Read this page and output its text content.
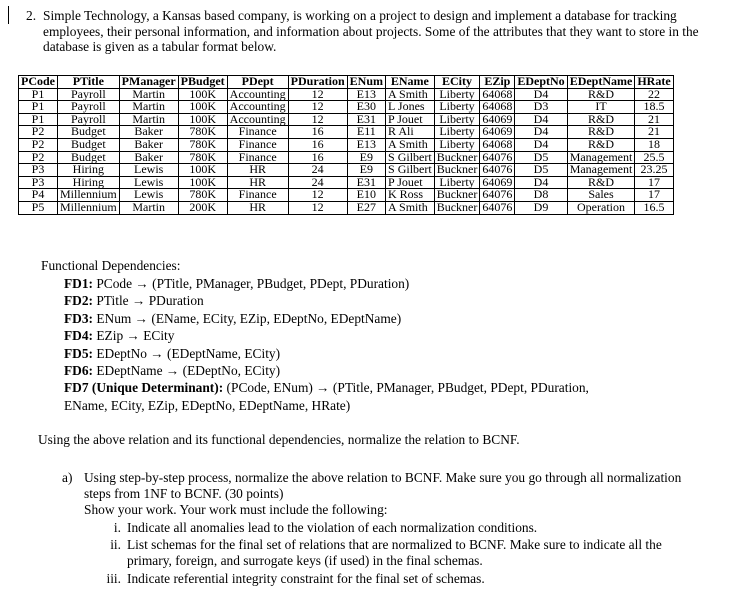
2. Simple Technology, a Kansas based company, is working on a project to design and implement a database for tracking employees, their personal information, and information about projects. Some of the attributes that they want to store in the database is given as a tabular format below.
PCode	PTitle	PManager	PBudget	PDept	PDuration	ENum	EName	ECity	EZip	EDeptNo	EDeptName	HRate
P1	Payroll	Martin	100K	Accounting	12	E13	A Smith	Liberty	64068	D4	R&D	22
P1	Payroll	Martin	100K	Accounting	12	E30	L Jones	Liberty	64068	D3	IT	18.5
P1	Payroll	Martin	100K	Accounting	12	E31	P Jouet	Liberty	64069	D4	R&D	21
P2	Budget	Baker	780K	Finance	16	E11	R Ali	Liberty	64069	D4	R&D	21
P2	Budget	Baker	780K	Finance	16	E13	A Smith	Liberty	64068	D4	R&D	18
P2	Budget	Baker	780K	Finance	16	E9	S Gilbert	Buckner	64076	D5	Management	25.5
P3	Hiring	Lewis	100K	HR	24	E9	S Gilbert	Buckner	64076	D5	Management	23.25
P3	Hiring	Lewis	100K	HR	24	E31	P Jouet	Liberty	64069	D4	R&D	17
P4	Millennium	Lewis	780K	Finance	12	E10	K Ross	Buckner	64076	D8	Sales	17
P5	Millennium	Martin	200K	HR	12	E27	A Smith	Buckner	64076	D9	Operation	16.5
Functional Dependencies:
FD1: PCode → (PTitle, PManager, PBudget, PDept, PDuration)
FD2: PTitle → PDuration
FD3: ENum → (EName, ECity, EZip, EDeptNo, EDeptName)
FD4: EZip → ECity
FD5: EDeptNo → (EDeptName, ECity)
FD6: EDeptName → (EDeptNo, ECity)
FD7 (Unique Determinant): (PCode, ENum) → (PTitle, PManager, PBudget, PDept, PDuration,
EName, ECity, EZip, EDeptNo, EDeptName, HRate)
Using the above relation and its functional dependencies, normalize the relation to BCNF.
a) Using step-by-step process, normalize the above relation to BCNF. Make sure you go through all normalization steps from 1NF to BCNF. (30 points)
Show your work. Your work must include the following:
i. Indicate all anomalies lead to the violation of each normalization conditions.
ii. List schemas for the final set of relations that are normalized to BCNF. Make sure to indicate all the primary, foreign, and surrogate keys (if used) in the final schemas.
iii. Indicate referential integrity constraint for the final set of schemas.
